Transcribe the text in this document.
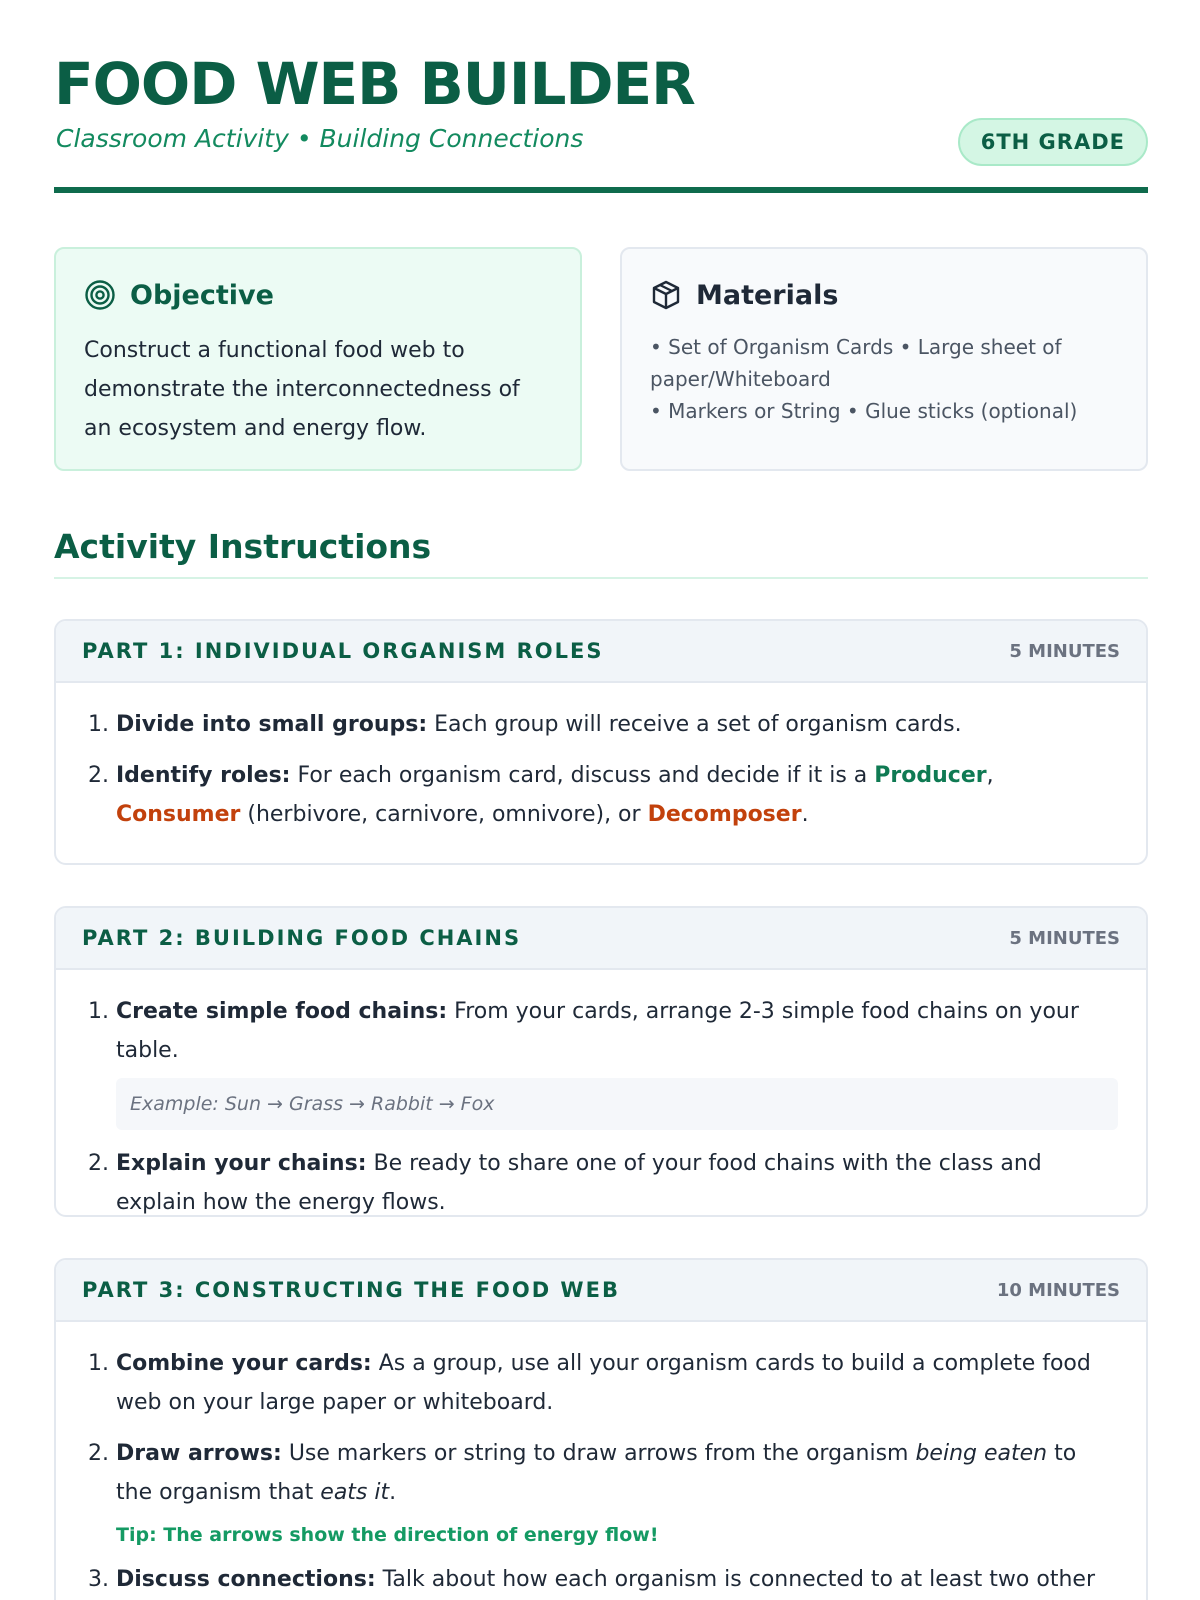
FOOD WEB BUILDER
Classroom Activity • Building Connections	6TH GRADE
Objective

Construct a functional food web to demonstrate the interconnectedness of an ecosystem and energy flow.

Materials
• Set of Organism Cards • Large sheet of paper/Whiteboard
• Markers or String • Glue sticks (optional)
Activity Instructions
PART 1: INDIVIDUAL ORGANISM ROLES	5 MINUTES
1. Divide into small groups: Each group will receive a set of organism cards.
2. Identify roles: For each organism card, discuss and decide if it is a Producer, Consumer (herbivore, carnivore, omnivore), or Decomposer.
PART 2: BUILDING FOOD CHAINS	5 MINUTES
1. Create simple food chains: From your cards, arrange 2-3 simple food chains on your table.
Example: Sun → Grass → Rabbit → Fox
2. Explain your chains: Be ready to share one of your food chains with the class and explain how the energy flows.
PART 3: CONSTRUCTING THE FOOD WEB	10 MINUTES
1. Combine your cards: As a group, use all your organism cards to build a complete food web on your large paper or whiteboard.
2. Draw arrows: Use markers or string to draw arrows from the organism being eaten to the organism that eats it.
Tip: The arrows show the direction of energy flow!
3. Discuss connections: Talk about how each organism is connected to at least two other
